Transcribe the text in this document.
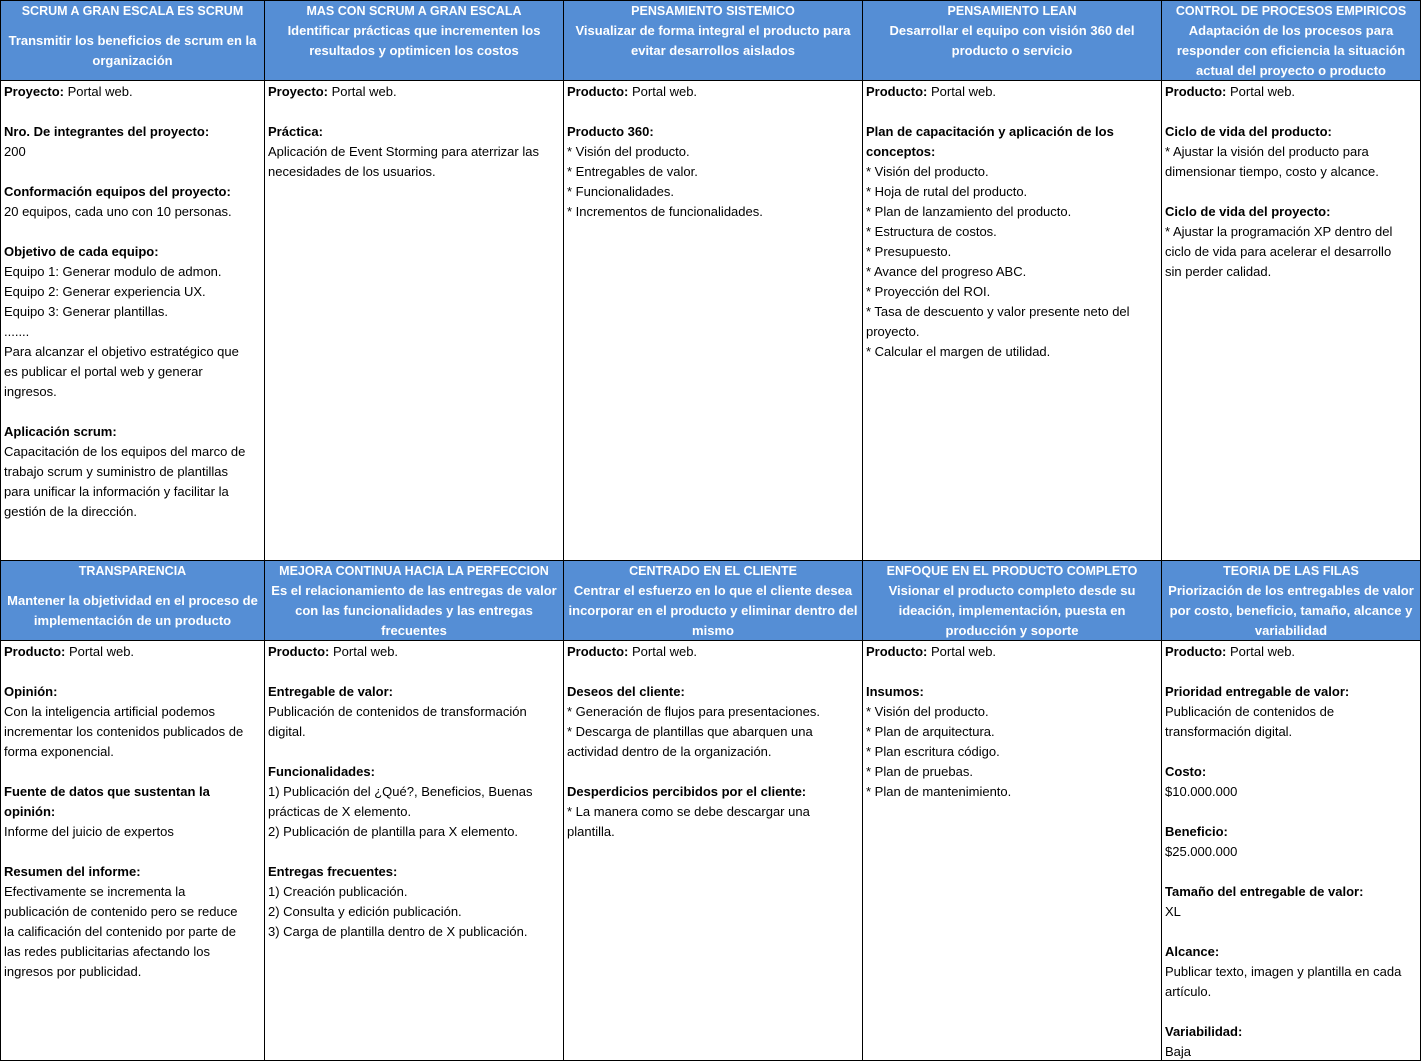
SCRUM A GRAN ESCALA ES SCRUM
Transmitir los beneficios de scrum en la organización

Proyecto: Portal web.

Nro. De integrantes del proyecto:

200

Conformación equipos del proyecto:

20 equipos, cada uno con 10 personas.

Objetivo de cada equipo:

Equipo 1: Generar modulo de admon.

Equipo 2: Generar experiencia UX.

Equipo 3: Generar plantillas.

.......

Para alcanzar el objetivo estratégico que

es publicar el portal web y generar

ingresos.

Aplicación scrum:

Capacitación de los equipos del marco de

trabajo scrum y suministro de plantillas

para unificar la información y facilitar la

gestión de la dirección.

MAS CON SCRUM A GRAN ESCALA
Identificar prácticas que incrementen los resultados y optimicen los costos

Proyecto: Portal web.

Práctica:

Aplicación de Event Storming para aterrizar las

necesidades de los usuarios.

PENSAMIENTO SISTEMICO
Visualizar de forma integral el producto para evitar desarrollos aislados

Producto: Portal web.

Producto 360:

* Visión del producto.

* Entregables de valor.

* Funcionalidades.

* Incrementos de funcionalidades.

PENSAMIENTO LEAN
Desarrollar el equipo con visión 360 del producto o servicio

Producto: Portal web.

Plan de capacitación y aplicación de los

conceptos:

* Visión del producto.

* Hoja de rutal del producto.

* Plan de lanzamiento del producto.

* Estructura de costos.

* Presupuesto.

* Avance del progreso ABC.

* Proyección del ROI.

* Tasa de descuento y valor presente neto del

proyecto.

* Calcular el margen de utilidad.

CONTROL DE PROCESOS EMPIRICOS
Adaptación de los procesos para responder con eficiencia la situación actual del proyecto o producto

Producto: Portal web.

Ciclo de vida del producto:

* Ajustar la visión del producto para

dimensionar tiempo, costo y alcance.

Ciclo de vida del proyecto:

* Ajustar la programación XP dentro del

ciclo de vida para acelerar el desarrollo

sin perder calidad.

TRANSPARENCIA
Mantener la objetividad en el proceso de implementación de un producto

Producto: Portal web.

Opinión:

Con la inteligencia artificial podemos

incrementar los contenidos publicados de

forma exponencial.

Fuente de datos que sustentan la

opinión:

Informe del juicio de expertos

Resumen del informe:

Efectivamente se incrementa la

publicación de contenido pero se reduce

la calificación del contenido por parte de

las redes publicitarias afectando los

ingresos por publicidad.

MEJORA CONTINUA HACIA LA PERFECCION
Es el relacionamiento de las entregas de valor con las funcionalidades y las entregas frecuentes

Producto: Portal web.

Entregable de valor:

Publicación de contenidos de transformación

digital.

Funcionalidades:

1) Publicación del ¿Qué?, Beneficios, Buenas

prácticas de X elemento.

2) Publicación de plantilla para X elemento.

Entregas frecuentes:

1) Creación publicación.

2) Consulta y edición publicación.

3) Carga de plantilla dentro de X publicación.

CENTRADO EN EL CLIENTE
Centrar el esfuerzo en lo que el cliente desea incorporar en el producto y eliminar dentro del mismo

Producto: Portal web.

Deseos del cliente:

* Generación de flujos para presentaciones.

* Descarga de plantillas que abarquen una

actividad dentro de la organización.

Desperdicios percibidos por el cliente:

* La manera como se debe descargar una

plantilla.

ENFOQUE EN EL PRODUCTO COMPLETO
Visionar el producto completo desde su ideación, implementación, puesta en producción y soporte

Producto: Portal web.

Insumos:

* Visión del producto.

* Plan de arquitectura.

* Plan escritura código.

* Plan de pruebas.

* Plan de mantenimiento.

TEORIA DE LAS FILAS
Priorización de los entregables de valor por costo, beneficio, tamaño, alcance y variabilidad

Producto: Portal web.

Prioridad entregable de valor:

Publicación de contenidos de

transformación digital.

Costo:

$10.000.000

Beneficio:

$25.000.000

Tamaño del entregable de valor:

XL

Alcance:

Publicar texto, imagen y plantilla en cada

artículo.

Variabilidad:

Baja
